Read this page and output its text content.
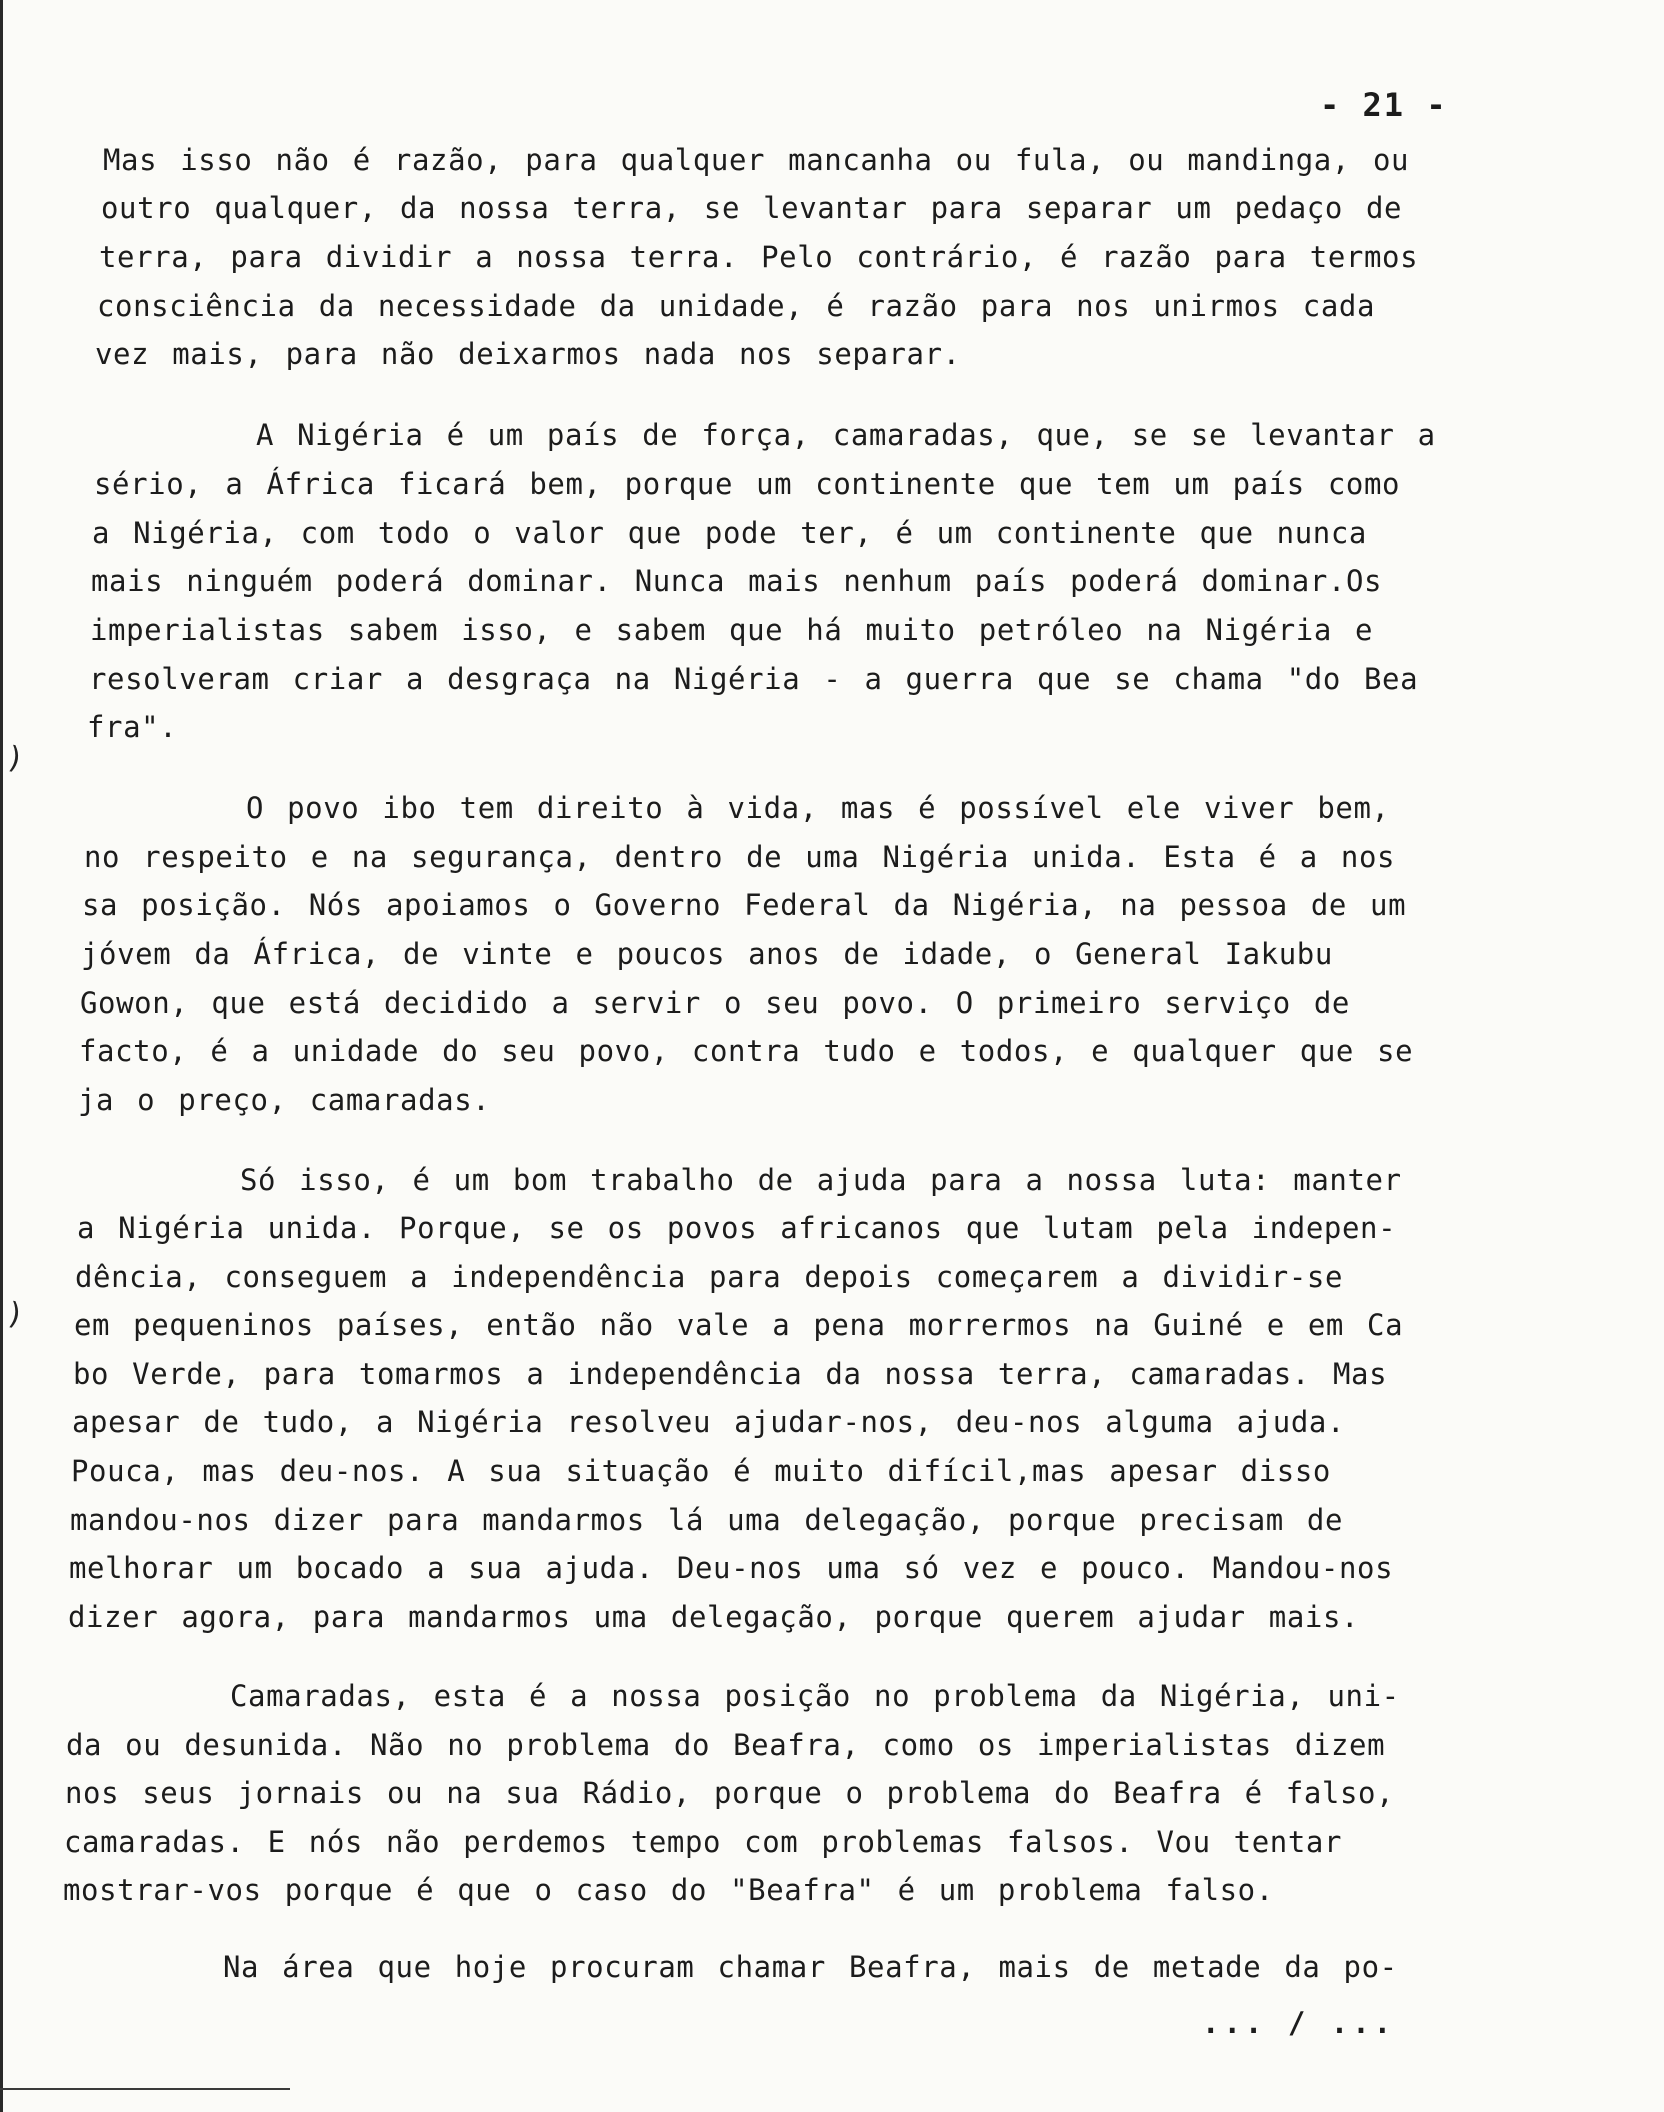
)
)
- 21 -
Mas isso não é razão, para qualquer mancanha ou fula, ou mandinga, ou
outro qualquer, da nossa terra, se levantar para separar um pedaço de
terra, para dividir a nossa terra. Pelo contrário, é razão para termos
consciência da necessidade da unidade, é razão para nos unirmos cada
vez mais, para não deixarmos nada nos separar.
A Nigéria é um país de força, camaradas, que, se se levantar a
sério, a África ficará bem, porque um continente que tem um país como
a Nigéria, com todo o valor que pode ter, é um continente que nunca
mais ninguém poderá dominar. Nunca mais nenhum país poderá dominar.Os
imperialistas sabem isso, e sabem que há muito petróleo na Nigéria e
resolveram criar a desgraça na Nigéria - a guerra que se chama "do Bea
fra".
O povo ibo tem direito à vida, mas é possível ele viver bem,
no respeito e na segurança, dentro de uma Nigéria unida. Esta é a nos
sa posição. Nós apoiamos o Governo Federal da Nigéria, na pessoa de um
jóvem da África, de vinte e poucos anos de idade, o General Iakubu
Gowon, que está decidido a servir o seu povo. O primeiro serviço de
facto, é a unidade do seu povo, contra tudo e todos, e qualquer que se
ja o preço, camaradas.
Só isso, é um bom trabalho de ajuda para a nossa luta: manter
a Nigéria unida. Porque, se os povos africanos que lutam pela indepen-
dência, conseguem a independência para depois começarem a dividir-se
em pequeninos países, então não vale a pena morrermos na Guiné e em Ca
bo Verde, para tomarmos a independência da nossa terra, camaradas. Mas
apesar de tudo, a Nigéria resolveu ajudar-nos, deu-nos alguma ajuda.
Pouca, mas deu-nos. A sua situação é muito difícil,mas apesar disso
mandou-nos dizer para mandarmos lá uma delegação, porque precisam de
melhorar um bocado a sua ajuda. Deu-nos uma só vez e pouco. Mandou-nos
dizer agora, para mandarmos uma delegação, porque querem ajudar mais.
Camaradas, esta é a nossa posição no problema da Nigéria, uni-
da ou desunida. Não no problema do Beafra, como os imperialistas dizem
nos seus jornais ou na sua Rádio, porque o problema do Beafra é falso,
camaradas. E nós não perdemos tempo com problemas falsos. Vou tentar
mostrar-vos porque é que o caso do "Beafra" é um problema falso.
Na área que hoje procuram chamar Beafra, mais de metade da po-
... / ...
